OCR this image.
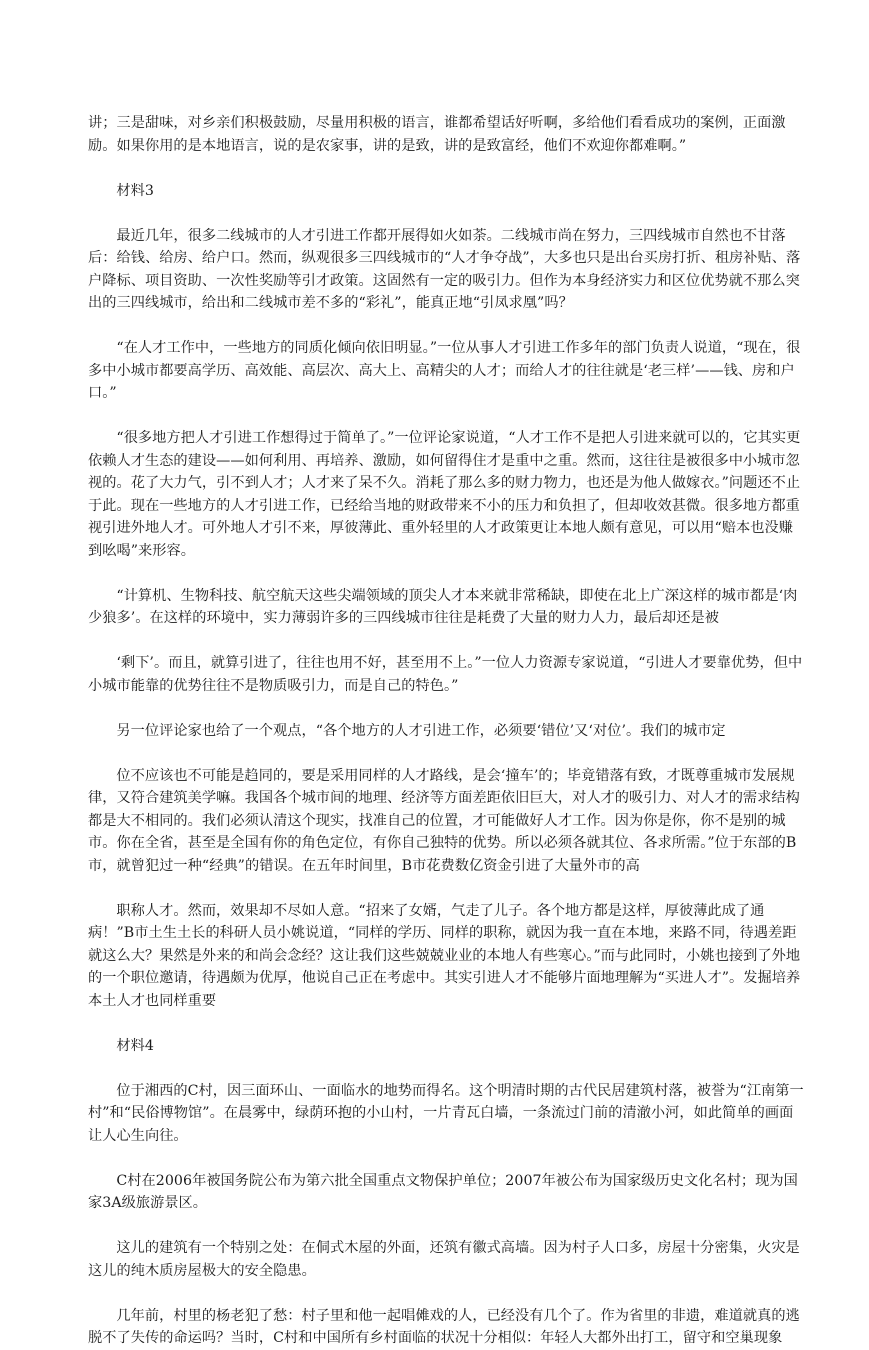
讲；三是甜味，对乡亲们积极鼓励，尽量用积极的语言，谁都希望话好听啊，多给他们看看成功的案例，正面激励。如果你用的是本地语言，说的是农家事，讲的是致，讲的是致富经，他们不欢迎你都难啊。”

材料3

最近几年，很多二线城市的人才引进工作都开展得如火如荼。二线城市尚在努力，三四线城市自然也不甘落后：给钱、给房、给户口。然而，纵观很多三四线城市的“人才争夺战”，大多也只是出台买房打折、租房补贴、落户降标、项目资助、一次性奖励等引才政策。这固然有一定的吸引力。但作为本身经济实力和区位优势就不那么突出的三四线城市，给出和二线城市差不多的“彩礼”，能真正地“引凤求凰”吗？

“在人才工作中，一些地方的同质化倾向依旧明显。”一位从事人才引进工作多年的部门负责人说道，“现在，很多中小城市都要高学历、高效能、高层次、高大上、高精尖的人才；而给人才的往往就是‘老三样’——钱、房和户口。”

“很多地方把人才引进工作想得过于简单了。”一位评论家说道，“人才工作不是把人引进来就可以的，它其实更依赖人才生态的建设——如何利用、再培养、激励，如何留得住才是重中之重。然而，这往往是被很多中小城市忽视的。花了大力气，引不到人才；人才来了呆不久。消耗了那么多的财力物力，也还是为他人做嫁衣。”问题还不止于此。现在一些地方的人才引进工作，已经给当地的财政带来不小的压力和负担了，但却收效甚微。很多地方都重视引进外地人才。可外地人才引不来，厚彼薄此、重外轻里的人才政策更让本地人颇有意见，可以用“赔本也没赚到吆喝”来形容。

“计算机、生物科技、航空航天这些尖端领域的顶尖人才本来就非常稀缺，即使在北上广深这样的城市都是‘肉少狼多’。在这样的环境中，实力薄弱许多的三四线城市往往是耗费了大量的财力人力，最后却还是被

‘剩下’。而且，就算引进了，往往也用不好，甚至用不上。”一位人力资源专家说道，“引进人才要靠优势，但中小城市能靠的优势往往不是物质吸引力，而是自己的特色。”

另一位评论家也给了一个观点，“各个地方的人才引进工作，必须要‘错位’又‘对位’。我们的城市定

位不应该也不可能是趋同的，要是采用同样的人才路线，是会‘撞车’的；毕竟错落有致，才既尊重城市发展规律，又符合建筑美学嘛。我国各个城市间的地理、经济等方面差距依旧巨大，对人才的吸引力、对人才的需求结构都是大不相同的。我们必须认清这个现实，找准自己的位置，才可能做好人才工作。因为你是你，你不是别的城市。你在全省，甚至是全国有你的角色定位，有你自己独特的优势。所以必须各就其位、各求所需。”位于东部的B市，就曾犯过一种“经典”的错误。在五年时间里，B市花费数亿资金引进了大量外市的高

职称人才。然而，效果却不尽如人意。“招来了女婿，气走了儿子。各个地方都是这样，厚彼薄此成了通病！”B市土生土长的科研人员小姚说道，“同样的学历、同样的职称，就因为我一直在本地，来路不同，待遇差距就这么大？果然是外来的和尚会念经？这让我们这些兢兢业业的本地人有些寒心。”而与此同时，小姚也接到了外地的一个职位邀请，待遇颇为优厚，他说自己正在考虑中。其实引进人才不能够片面地理解为“买进人才”。发掘培养本土人才也同样重要

材料4

位于湘西的C村，因三面环山、一面临水的地势而得名。这个明清时期的古代民居建筑村落，被誉为“江南第一村”和“民俗博物馆”。在晨雾中，绿荫环抱的小山村，一片青瓦白墙，一条流过门前的清澈小河，如此简单的画面让人心生向往。

C村在2006年被国务院公布为第六批全国重点文物保护单位；2007年被公布为国家级历史文化名村；现为国家3A级旅游景区。

这儿的建筑有一个特别之处：在侗式木屋的外面，还筑有徽式高墙。因为村子人口多，房屋十分密集，火灾是这儿的纯木质房屋极大的安全隐患。

几年前，村里的杨老犯了愁：村子里和他一起唱傩戏的人，已经没有几个了。作为省里的非遗，难道就真的逃脱不了失传的命运吗？当时，C村和中国所有乡村面临的状况十分相似：年轻人大都外出打工，留守和空巢现象
